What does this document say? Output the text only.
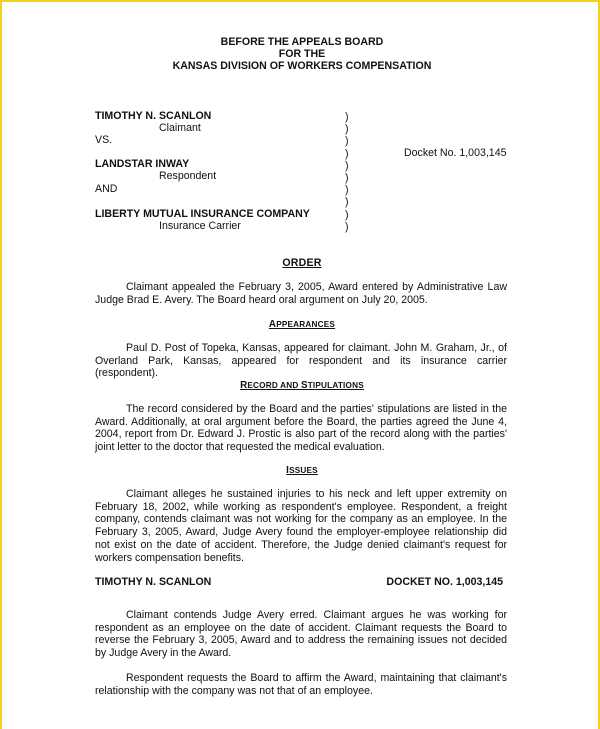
BEFORE THE APPEALS BOARD
FOR THE
KANSAS DIVISION OF WORKERS COMPENSATION
TIMOTHY N. SCANLON
Claimant
VS.
LANDSTAR INWAY
Respondent
AND
LIBERTY MUTUAL INSURANCE COMPANY
Insurance Carrier
)
)
)
)
)
)
)
)
)
)
Docket No. 1,003,145
ORDER
Claimant appealed the February 3, 2005, Award entered by Administrative Law Judge Brad E. Avery. The Board heard oral argument on July 20, 2005.
APPEARANCES
Paul D. Post of Topeka, Kansas, appeared for claimant. John M. Graham, Jr., of Overland Park, Kansas, appeared for respondent and its insurance carrier (respondent).
RECORD AND STIPULATIONS
The record considered by the Board and the parties' stipulations are listed in the Award. Additionally, at oral argument before the Board, the parties agreed the June 4, 2004, report from Dr. Edward J. Prostic is also part of the record along with the parties' joint letter to the doctor that requested the medical evaluation.
ISSUES
Claimant alleges he sustained injuries to his neck and left upper extremity on February 18, 2002, while working as respondent's employee. Respondent, a freight company, contends claimant was not working for the company as an employee. In the February 3, 2005, Award, Judge Avery found the employer-employee relationship did not exist on the date of accident. Therefore, the Judge denied claimant's request for workers compensation benefits.
TIMOTHY N. SCANLON	DOCKET NO. 1,003,145
Claimant contends Judge Avery erred. Claimant argues he was working for respondent as an employee on the date of accident. Claimant requests the Board to reverse the February 3, 2005, Award and to address the remaining issues not decided by Judge Avery in the Award.
Respondent requests the Board to affirm the Award, maintaining that claimant's relationship with the company was not that of an employee.
